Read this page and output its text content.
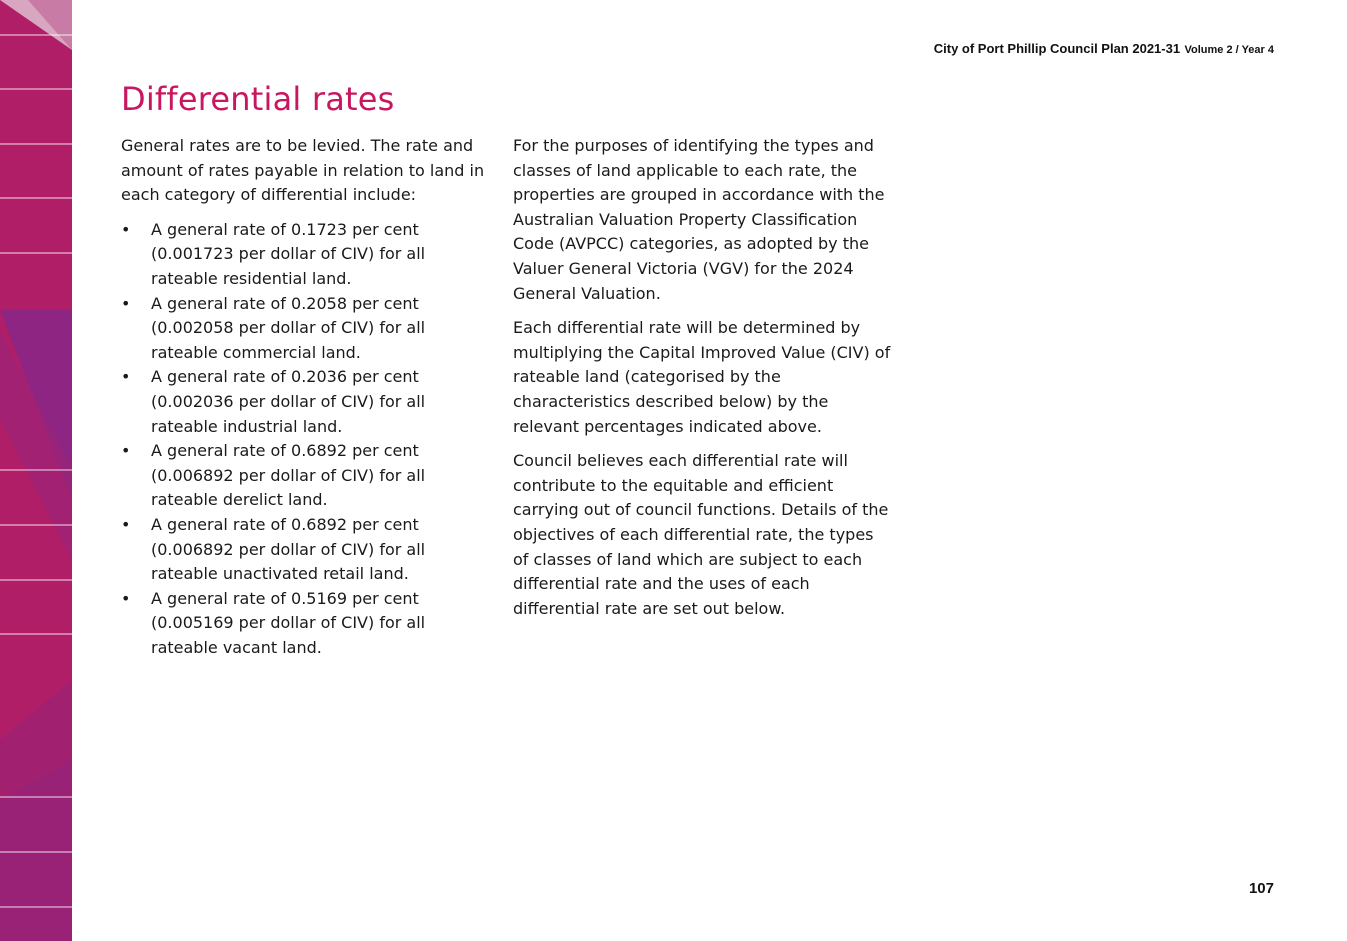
City of Port Phillip Council Plan 2021-31 Volume 2 / Year 4
Differential rates

General rates are to be levied. The rate and amount of rates payable in relation to land in each category of differential include:

• A general rate of 0.1723 per cent (0.001723 per dollar of CIV) for all rateable residential land.
• A general rate of 0.2058 per cent (0.002058 per dollar of CIV) for all rateable commercial land.
• A general rate of 0.2036 per cent (0.002036 per dollar of CIV) for all rateable industrial land.
• A general rate of 0.6892 per cent (0.006892 per dollar of CIV) for all rateable derelict land.
• A general rate of 0.6892 per cent (0.006892 per dollar of CIV) for all rateable unactivated retail land.
• A general rate of 0.5169 per cent (0.005169 per dollar of CIV) for all rateable vacant land.

For the purposes of identifying the types and classes of land applicable to each rate, the properties are grouped in accordance with the Australian Valuation Property Classification Code (AVPCC) categories, as adopted by the Valuer General Victoria (VGV) for the 2024 General Valuation.

Each differential rate will be determined by multiplying the Capital Improved Value (CIV) of rateable land (categorised by the characteristics described below) by the relevant percentages indicated above.

Council believes each differential rate will contribute to the equitable and efficient carrying out of council functions. Details of the objectives of each differential rate, the types of classes of land which are subject to each differential rate and the uses of each differential rate are set out below.

107
